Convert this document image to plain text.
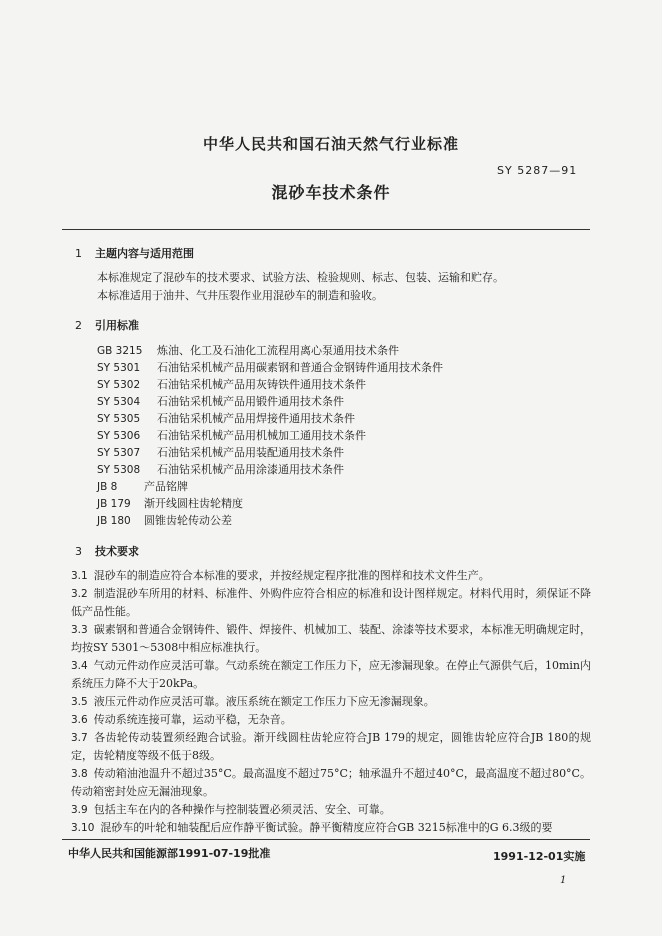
中华人民共和国石油天然气行业标准
SY 5287—91
混砂车技术条件
1 主题内容与适用范围
本标准规定了混砂车的技术要求、试验方法、检验规则、标志、包装、运输和贮存。
本标准适用于油井、气井压裂作业用混砂车的制造和验收。
2 引用标准
GB 3215 炼油、化工及石油化工流程用离心泵通用技术条件
SY 5301 石油钻采机械产品用碳素钢和普通合金钢铸件通用技术条件
SY 5302 石油钻采机械产品用灰铸铁件通用技术条件
SY 5304 石油钻采机械产品用锻件通用技术条件
SY 5305 石油钻采机械产品用焊接件通用技术条件
SY 5306 石油钻采机械产品用机械加工通用技术条件
SY 5307 石油钻采机械产品用装配通用技术条件
SY 5308 石油钻采机械产品用涂漆通用技术条件
JB 8 产品铭牌
JB 179 渐开线圆柱齿轮精度
JB 180 圆锥齿轮传动公差
3 技术要求
3.1 混砂车的制造应符合本标准的要求，并按经规定程序批准的图样和技术文件生产。
3.2 制造混砂车所用的材料、标准件、外购件应符合相应的标准和设计图样规定。材料代用时，须保证不降低产品性能。
3.3 碳素钢和普通合金钢铸件、锻件、焊接件、机械加工、装配、涂漆等技术要求，本标准无明确规定时，均按SY 5301～5308中相应标准执行。
3.4 气动元件动作应灵活可靠。气动系统在额定工作压力下，应无渗漏现象。在停止气源供气后，10min内系统压力降不大于20kPa。
3.5 液压元件动作应灵活可靠。液压系统在额定工作压力下应无渗漏现象。
3.6 传动系统连接可靠，运动平稳，无杂音。
3.7 各齿轮传动装置须经跑合试验。渐开线圆柱齿轮应符合JB 179的规定，圆锥齿轮应符合JB 180的规定，齿轮精度等级不低于8级。
3.8 传动箱油池温升不超过35°C。最高温度不超过75°C；轴承温升不超过40°C，最高温度不超过80°C。传动箱密封处应无漏油现象。
3.9 包括主车在内的各种操作与控制装置必须灵活、安全、可靠。
3.10 混砂车的叶轮和轴装配后应作静平衡试验。静平衡精度应符合GB 3215标准中的G 6.3级的要
中华人民共和国能源部1991-07-19批准	1991-12-01实施
1
